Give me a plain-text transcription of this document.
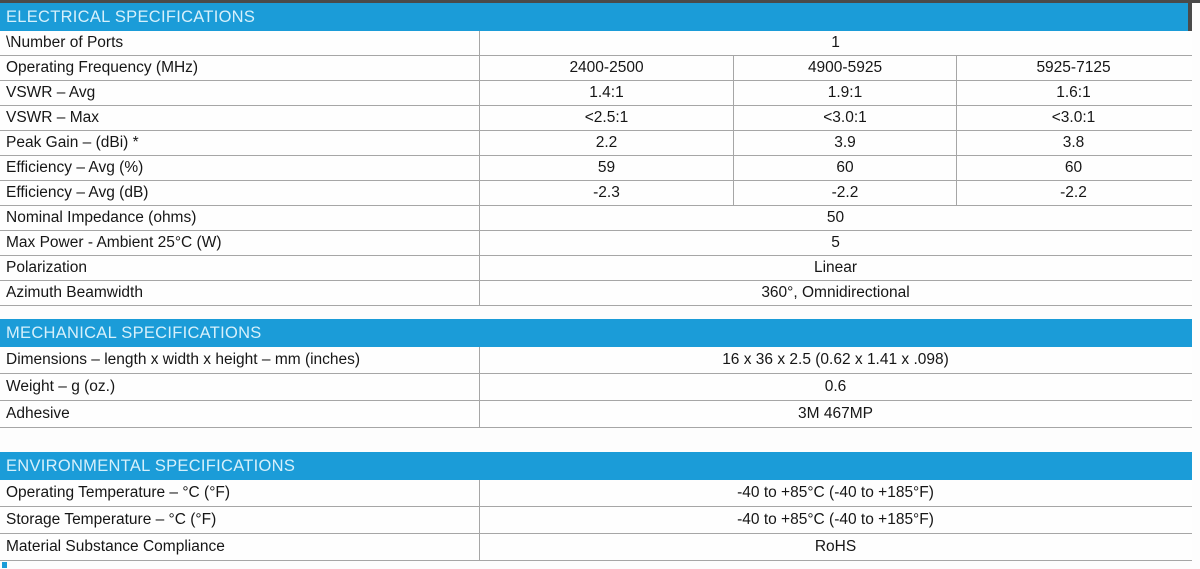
ELECTRICAL SPECIFICATIONS
\Number of Ports	1
Operating Frequency (MHz)	2400-2500	4900-5925	5925-7125
VSWR – Avg	1.4:1	1.9:1	1.6:1
VSWR – Max	<2.5:1	<3.0:1	<3.0:1
Peak Gain – (dBi) *	2.2	3.9	3.8
Efficiency – Avg (%)	59	60	60
Efficiency – Avg (dB)	-2.3	-2.2	-2.2
Nominal Impedance (ohms)	50
Max Power - Ambient 25°C (W)	5
Polarization	Linear
Azimuth Beamwidth	360°, Omnidirectional
MECHANICAL SPECIFICATIONS
Dimensions – length x width x height – mm (inches)	16 x 36 x 2.5 (0.62 x 1.41 x .098)
Weight – g (oz.)	0.6
Adhesive	3M 467MP
ENVIRONMENTAL SPECIFICATIONS
Operating Temperature – °C (°F)	-40 to +85°C (-40 to +185°F)
Storage Temperature – °C (°F)	-40 to +85°C (-40 to +185°F)
Material Substance Compliance	RoHS
